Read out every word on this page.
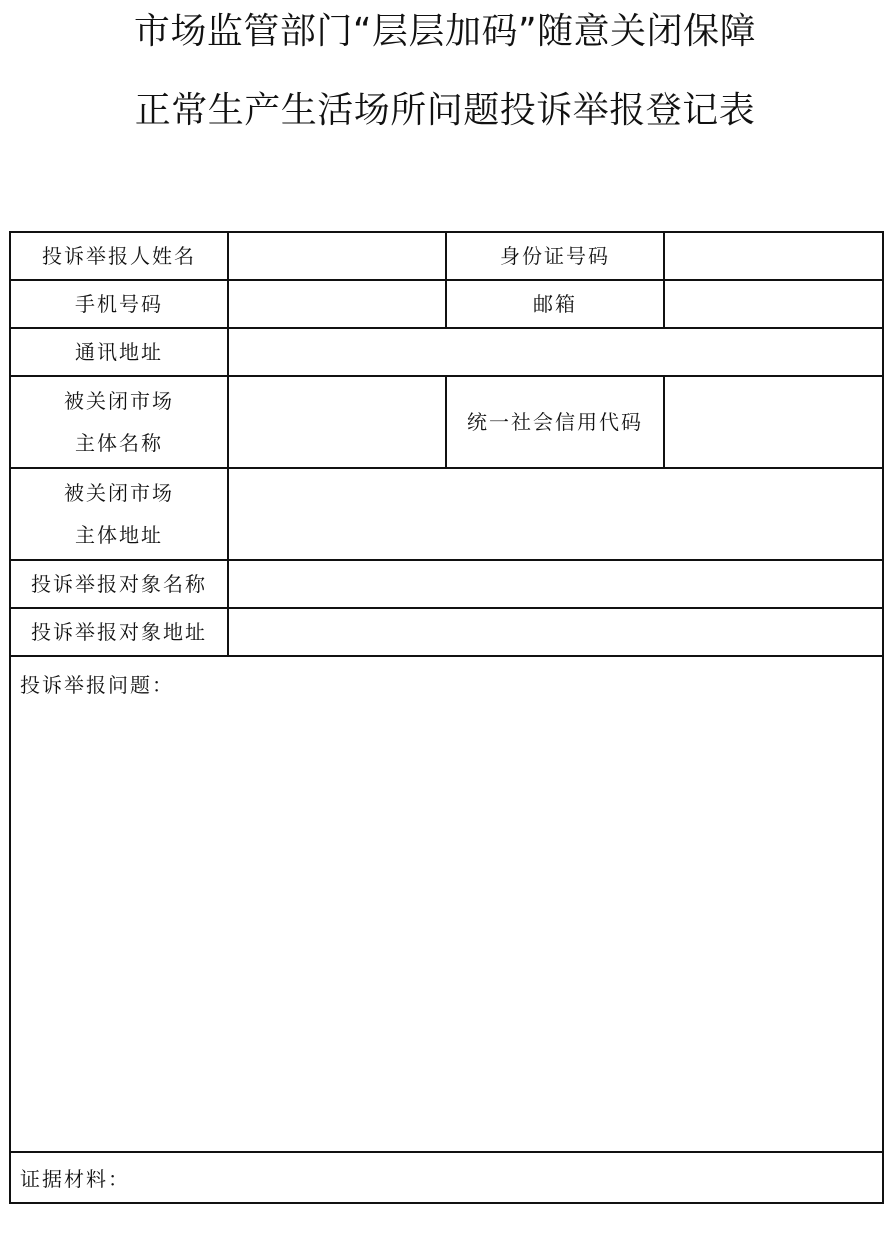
市场监管部门“层层加码”随意关闭保障
正常生产生活场所问题投诉举报登记表
投诉举报人姓名		身份证号码	
手机号码		邮箱	
通讯地址			

被关闭市场
主体名称		统一社会信用代码	

被关闭市场
主体地址			

投诉举报对象名称			
投诉举报对象地址			

投诉举报问题：			

证据材料：			
